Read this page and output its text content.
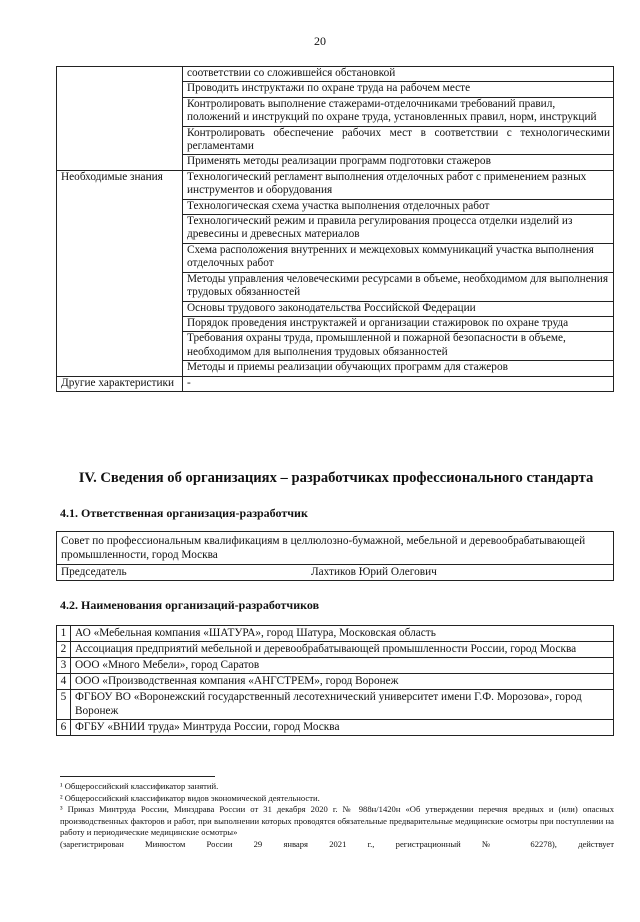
20
	соответствии со сложившейся обстановкой
	Проводить инструктажи по охране труда на рабочем месте
	Контролировать выполнение стажерами-отделочниками требований правил, положений и инструкций по охране труда, установленных правил, норм, инструкций
	Контролировать обеспечение рабочих мест в соответствии с технологическими регламентами
	Применять методы реализации программ подготовки стажеров
Необходимые знания	Технологический регламент выполнения отделочных работ с применением разных инструментов и оборудования
	Технологическая схема участка выполнения отделочных работ
	Технологический режим и правила регулирования процесса отделки изделий из древесины и древесных материалов
	Схема расположения внутренних и межцеховых коммуникаций участка выполнения отделочных работ
	Методы управления человеческими ресурсами в объеме, необходимом для выполнения трудовых обязанностей
	Основы трудового законодательства Российской Федерации
	Порядок проведения инструктажей и организации стажировок по охране труда
	Требования охраны труда, промышленной и пожарной безопасности в объеме, необходимом для выполнения трудовых обязанностей
	Методы и приемы реализации обучающих программ для стажеров
Другие характеристики	-
IV. Сведения об организациях – разработчиках профессионального стандарта
4.1. Ответственная организация-разработчик
Совет по профессиональным квалификациям в целлюлозно-бумажной, мебельной и деревообрабатывающей промышленности, город Москва
Председатель	Лахтиков Юрий Олегович
4.2. Наименования организаций-разработчиков
1	АО «Мебельная компания «ШАТУРА», город Шатура, Московская область
2	Ассоциация предприятий мебельной и деревообрабатывающей промышленности России, город Москва
3	ООО «Много Мебели», город Саратов
4	ООО «Производственная компания «АНГСТРЕМ», город Воронеж
5	ФГБОУ ВО «Воронежский государственный лесотехнический университет имени Г.Ф. Морозова», город Воронеж
6	ФГБУ «ВНИИ труда» Минтруда России, город Москва

¹ Общероссийский классификатор занятий.

² Общероссийский классификатор видов экономической деятельности.

³ Приказ Минтруда России, Минздрава России от 31 декабря 2020 г. № 988н/1420н «Об утверждении перечня вредных и (или) опасных производственных факторов и работ, при выполнении которых проводятся обязательные предварительные медицинские осмотры при поступлении на работу и периодические медицинские осмотры»

(зарегистрирован Минюстом России 29 января 2021 г., регистрационный № 62278), действует
